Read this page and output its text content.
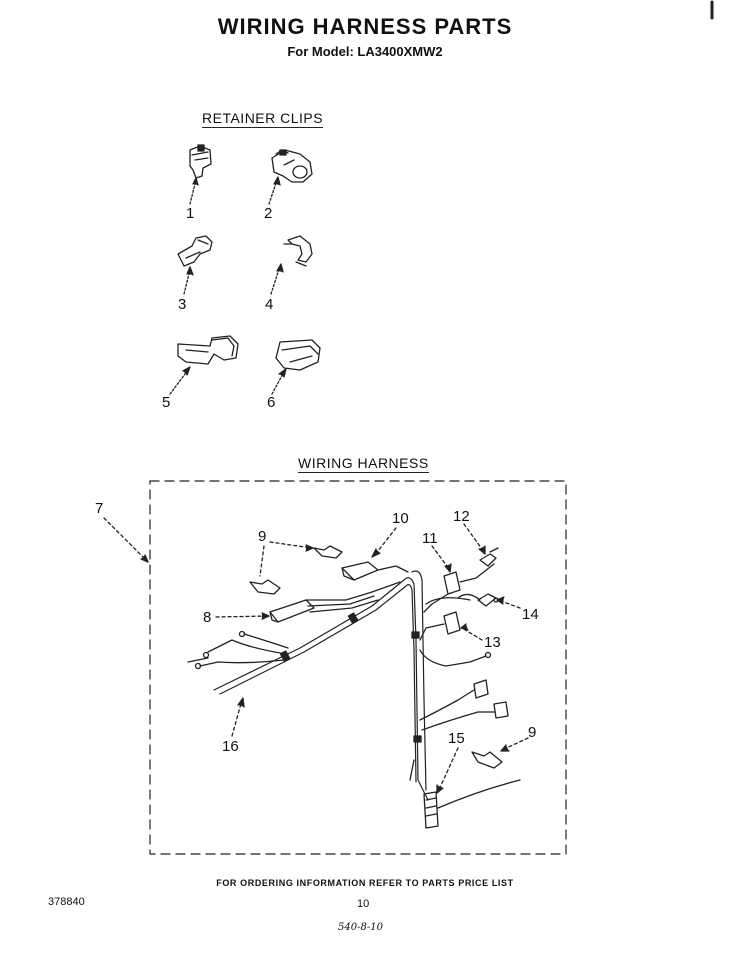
WIRING HARNESS PARTS
For Model: LA3400XMW2
RETAINER CLIPS
WIRING HARNESS
1	2
3	4
5	6
7
8
9
9
10
11
12
13
14
15
16
FOR ORDERING INFORMATION REFER TO PARTS PRICE LIST
378840	10
540-8-10
